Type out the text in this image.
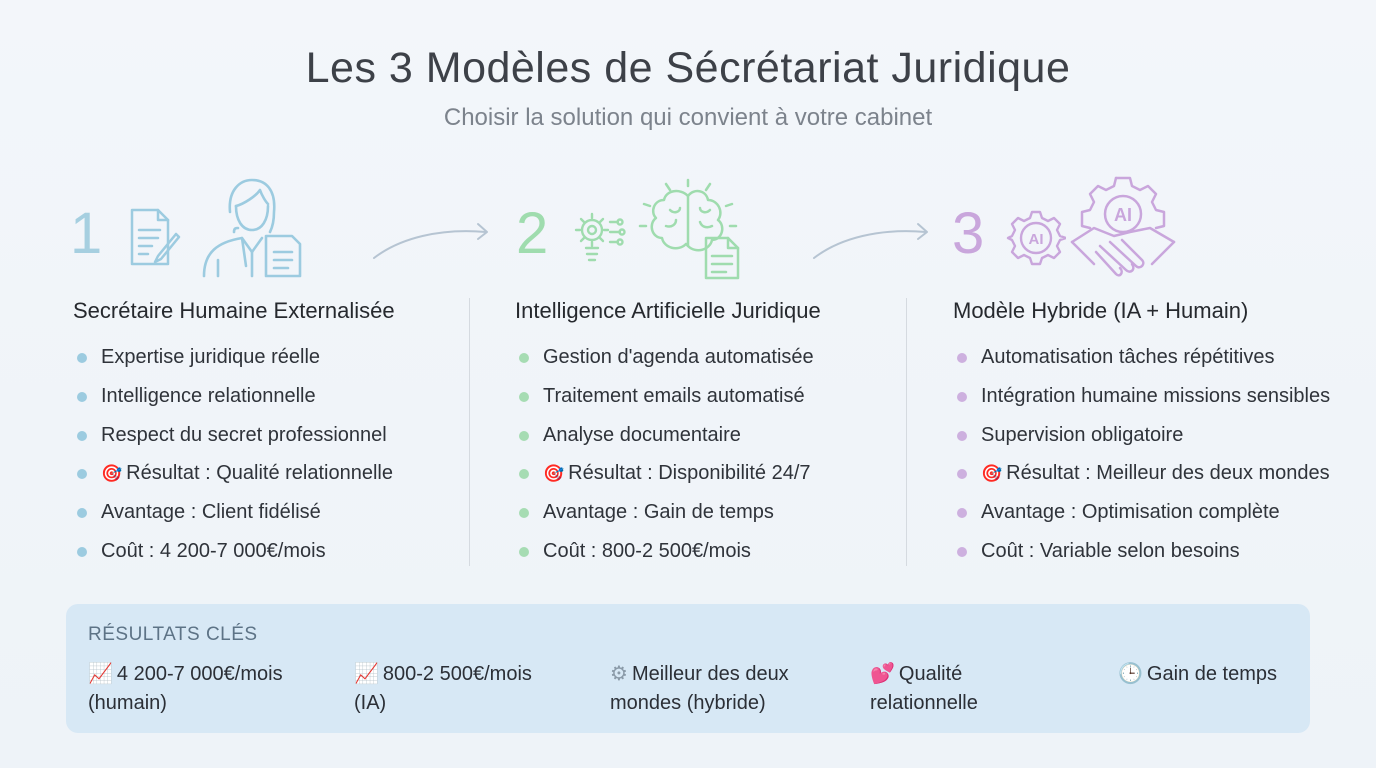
Les 3 Modèles de Sécrétariat Juridique
Choisir la solution qui convient à votre cabinet
1	2	3	AI
AI
Secrétaire Humaine Externalisée
Expertise juridique réelle
Intelligence relationnelle
Respect du secret professionnel
🎯 Résultat : Qualité relationnelle
Avantage : Client fidélisé
Coût : 4 200-7 000€/mois
Intelligence Artificielle Juridique
Gestion d'agenda automatisée
Traitement emails automatisé
Analyse documentaire
🎯 Résultat : Disponibilité 24/7
Avantage : Gain de temps
Coût : 800-2 500€/mois
Modèle Hybride (IA + Humain)
Automatisation tâches répétitives
Intégration humaine missions sensibles
Supervision obligatoire
🎯 Résultat : Meilleur des deux mondes
Avantage : Optimisation complète
Coût : Variable selon besoins
RÉSULTATS CLÉS
📈 4 200-7 000€/mois (humain)
📈 800-2 500€/mois (IA)
⚙ Meilleur des deux mondes (hybride)
💕 Qualité relationnelle
🕒 Gain de temps
